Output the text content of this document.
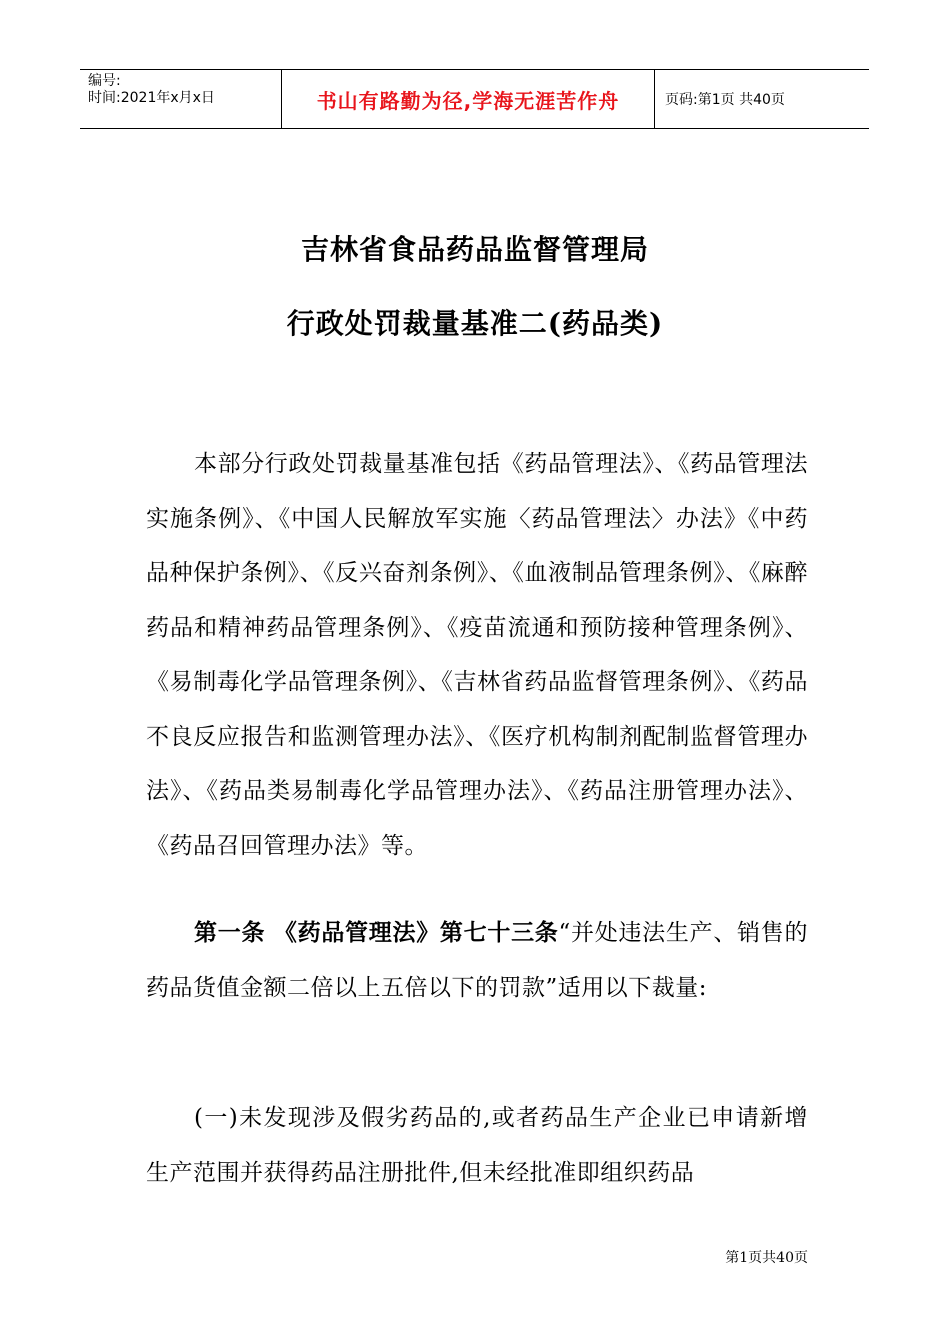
编号:
时间:2021年x月x日	书山有路勤为径,学海无涯苦作舟	页码:第1页 共40页
吉林省食品药品监督管理局
行政处罚裁量基准二(药品类)
本部分行政处罚裁量基准包括《药品管理法》、《药品管理法实施条例》、《中国人民解放军实施〈药品管理法〉办法》《中药品种保护条例》、《反兴奋剂条例》、《血液制品管理条例》、《麻醉药品和精神药品管理条例》、《疫苗流通和预防接种管理条例》、《易制毒化学品管理条例》、《吉林省药品监督管理条例》、《药品不良反应报告和监测管理办法》、《医疗机构制剂配制监督管理办法》、《药品类易制毒化学品管理办法》、《药品注册管理办法》、《药品召回管理办法》等。
第一条 《药品管理法》第七十三条“并处违法生产、销售的药品货值金额二倍以上五倍以下的罚款”适用以下裁量:
(一)未发现涉及假劣药品的,或者药品生产企业已申请新增生产范围并获得药品注册批件,但未经批准即组织药品
第1页共40页
